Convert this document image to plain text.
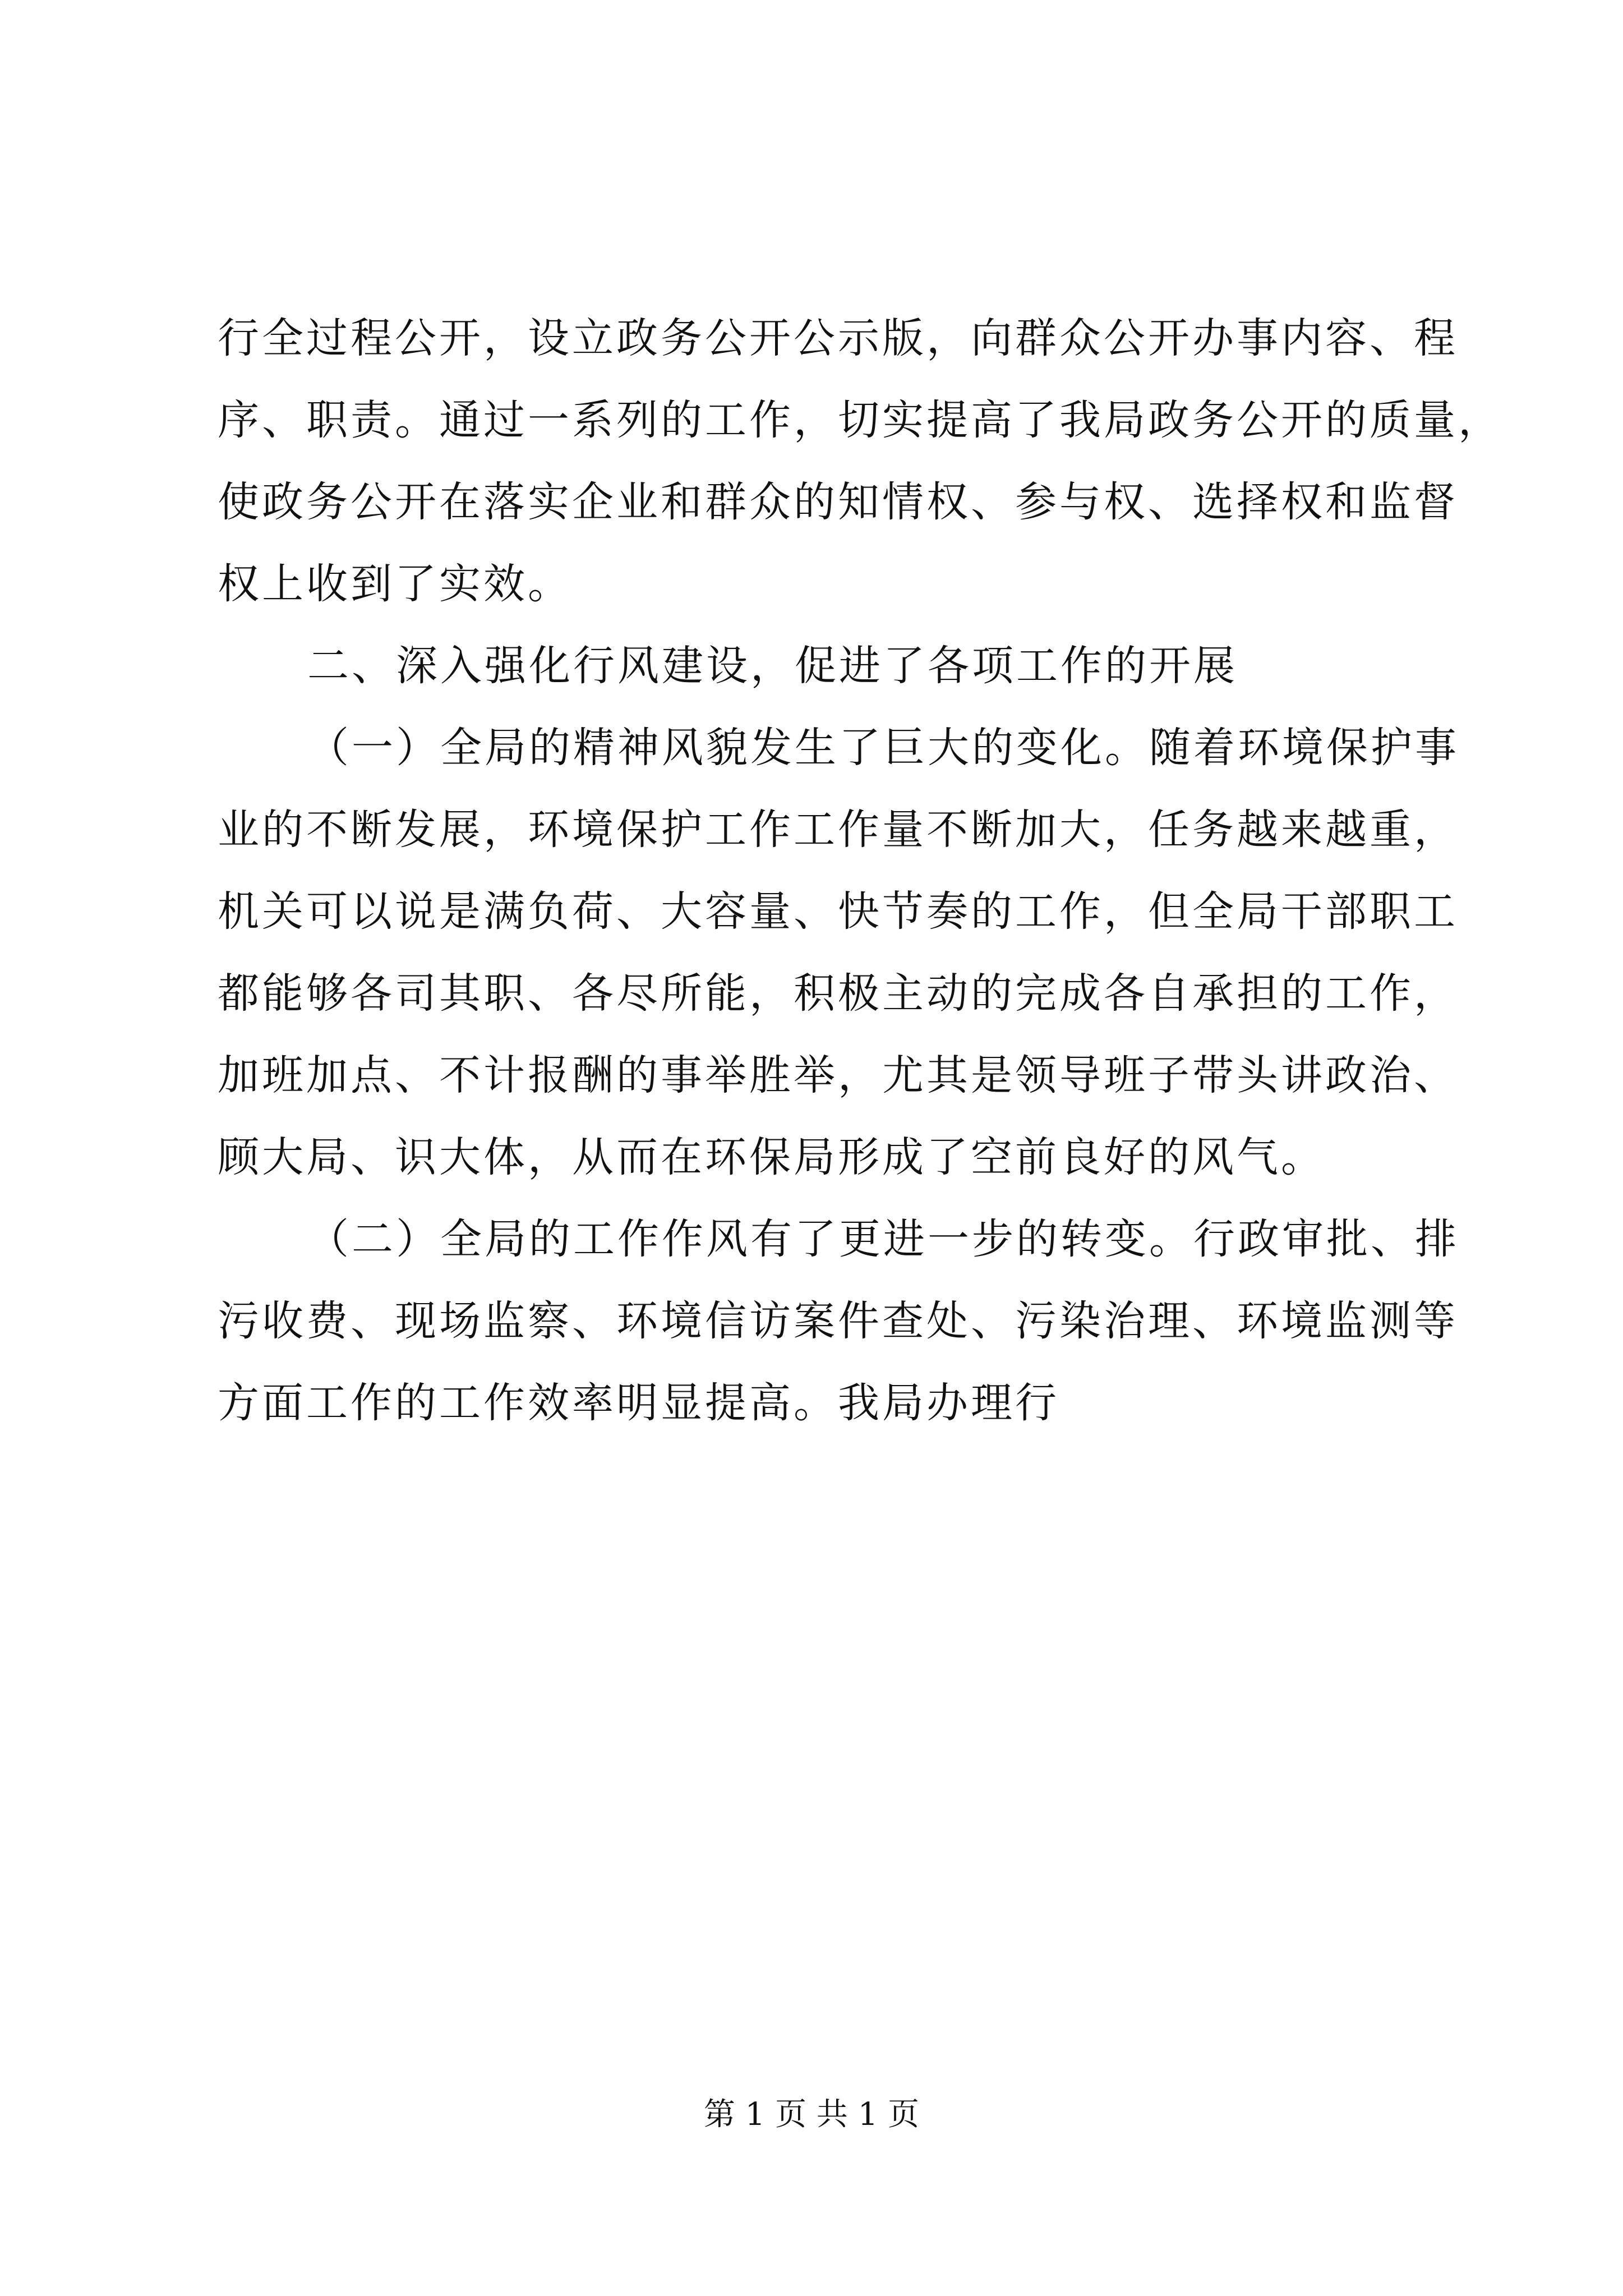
行全过程公开，设立政务公开公示版，向群众公开办事内容、程
序、职责。通过一系列的工作，切实提高了我局政务公开的质量，
使政务公开在落实企业和群众的知情权、参与权、选择权和监督
权上收到了实效。
二、深入强化行风建设，促进了各项工作的开展
（一）全局的精神风貌发生了巨大的变化。随着环境保护事
业的不断发展，环境保护工作工作量不断加大，任务越来越重，
机关可以说是满负荷、大容量、快节奏的工作，但全局干部职工
都能够各司其职、各尽所能，积极主动的完成各自承担的工作，
加班加点、不计报酬的事举胜举，尤其是领导班子带头讲政治、
顾大局、识大体，从而在环保局形成了空前良好的风气。
（二）全局的工作作风有了更进一步的转变。行政审批、排
污收费、现场监察、环境信访案件查处、污染治理、环境监测等
方面工作的工作效率明显提高。我局办理行
第 1 页 共 1 页
